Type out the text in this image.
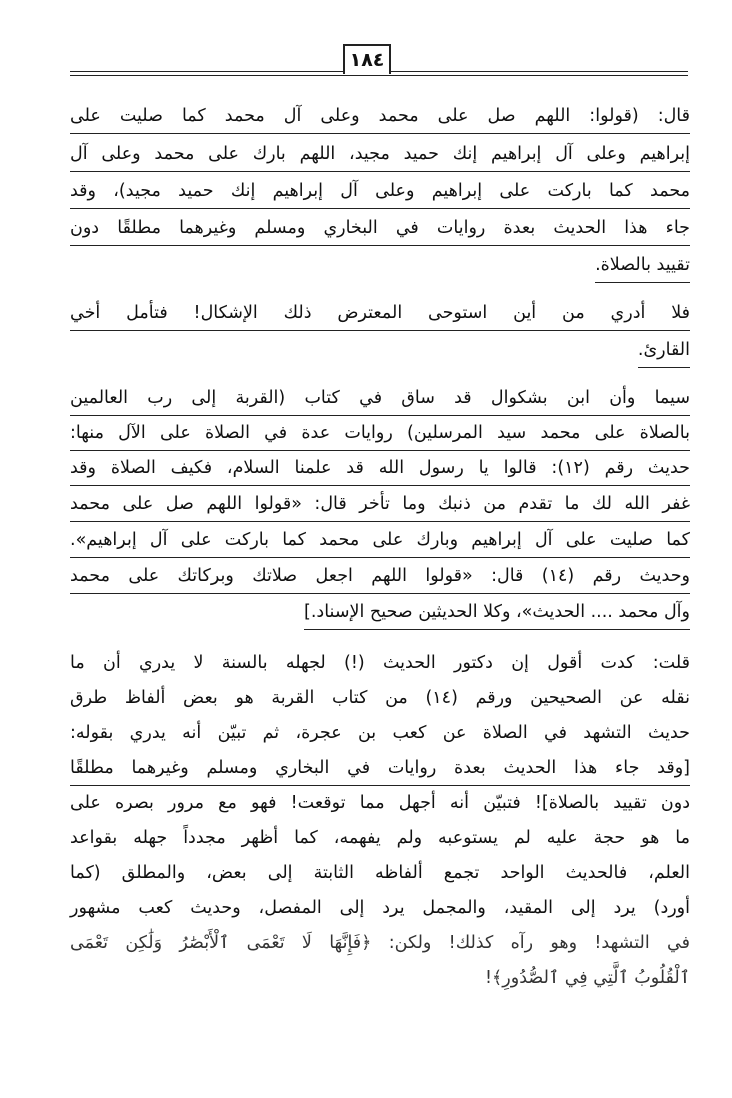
١٨٤
قال: (قولوا: اللهم صل على محمد وعلى آل محمد كما صليت على
إبراهيم وعلى آل إبراهيم إنك حميد مجيد، اللهم بارك على محمد وعلى آل
محمد كما باركت على إبراهيم وعلى آل إبراهيم إنك حميد مجيد)، وقد
جاء هذا الحديث بعدة روايات في البخاري ومسلم وغيرهما مطلقًا دون
تقييد بالصلاة.
فلا أدري من أين استوحى المعترض ذلك الإشكال! فتأمل أخي
القارئ.
سيما وأن ابن بشكوال قد ساق في كتاب (القربة إلى رب العالمين
بالصلاة على محمد سيد المرسلين) روايات عدة في الصلاة على الآل منها:
حديث رقم (١٢): قالوا يا رسول الله قد علمنا السلام، فكيف الصلاة وقد
غفر الله لك ما تقدم من ذنبك وما تأخر قال: «قولوا اللهم صل على محمد
كما صليت على آل إبراهيم وبارك على محمد كما باركت على آل إبراهيم».
وحديث رقم (١٤) قال: «قولوا اللهم اجعل صلاتك وبركاتك على محمد
وآل محمد .... الحديث»، وكلا الحديثين صحيح الإسناد.]
قلت: كدت أقول إن دكتور الحديث (!) لجهله بالسنة لا يدري أن ما
نقله عن الصحيحين ورقم (١٤) من كتاب القربة هو بعض ألفاظ طرق
حديث التشهد في الصلاة عن كعب بن عجرة، ثم تبيّن أنه يدري بقوله:
[وقد جاء هذا الحديث بعدة روايات في البخاري ومسلم وغيرهما مطلقًا
دون تقييد بالصلاة]! فتبيّن أنه أجهل مما توقعت! فهو مع مرور بصره على
ما هو حجة عليه لم يستوعبه ولم يفهمه، كما أظهر مجدداً جهله بقواعد
العلم، فالحديث الواحد تجمع ألفاظه الثابتة إلى بعض، والمطلق (كما
أورد) يرد إلى المقيد، والمجمل يرد إلى المفصل، وحديث كعب مشهور
في التشهد! وهو رآه كذلك! ولكن: ﴿فَإِنَّهَا لَا تَعْمَى ٱلْأَبْصَٰرُ وَلَٰكِن تَعْمَى
ٱلْقُلُوبُ ٱلَّتِي فِي ٱلصُّدُورِ﴾!
